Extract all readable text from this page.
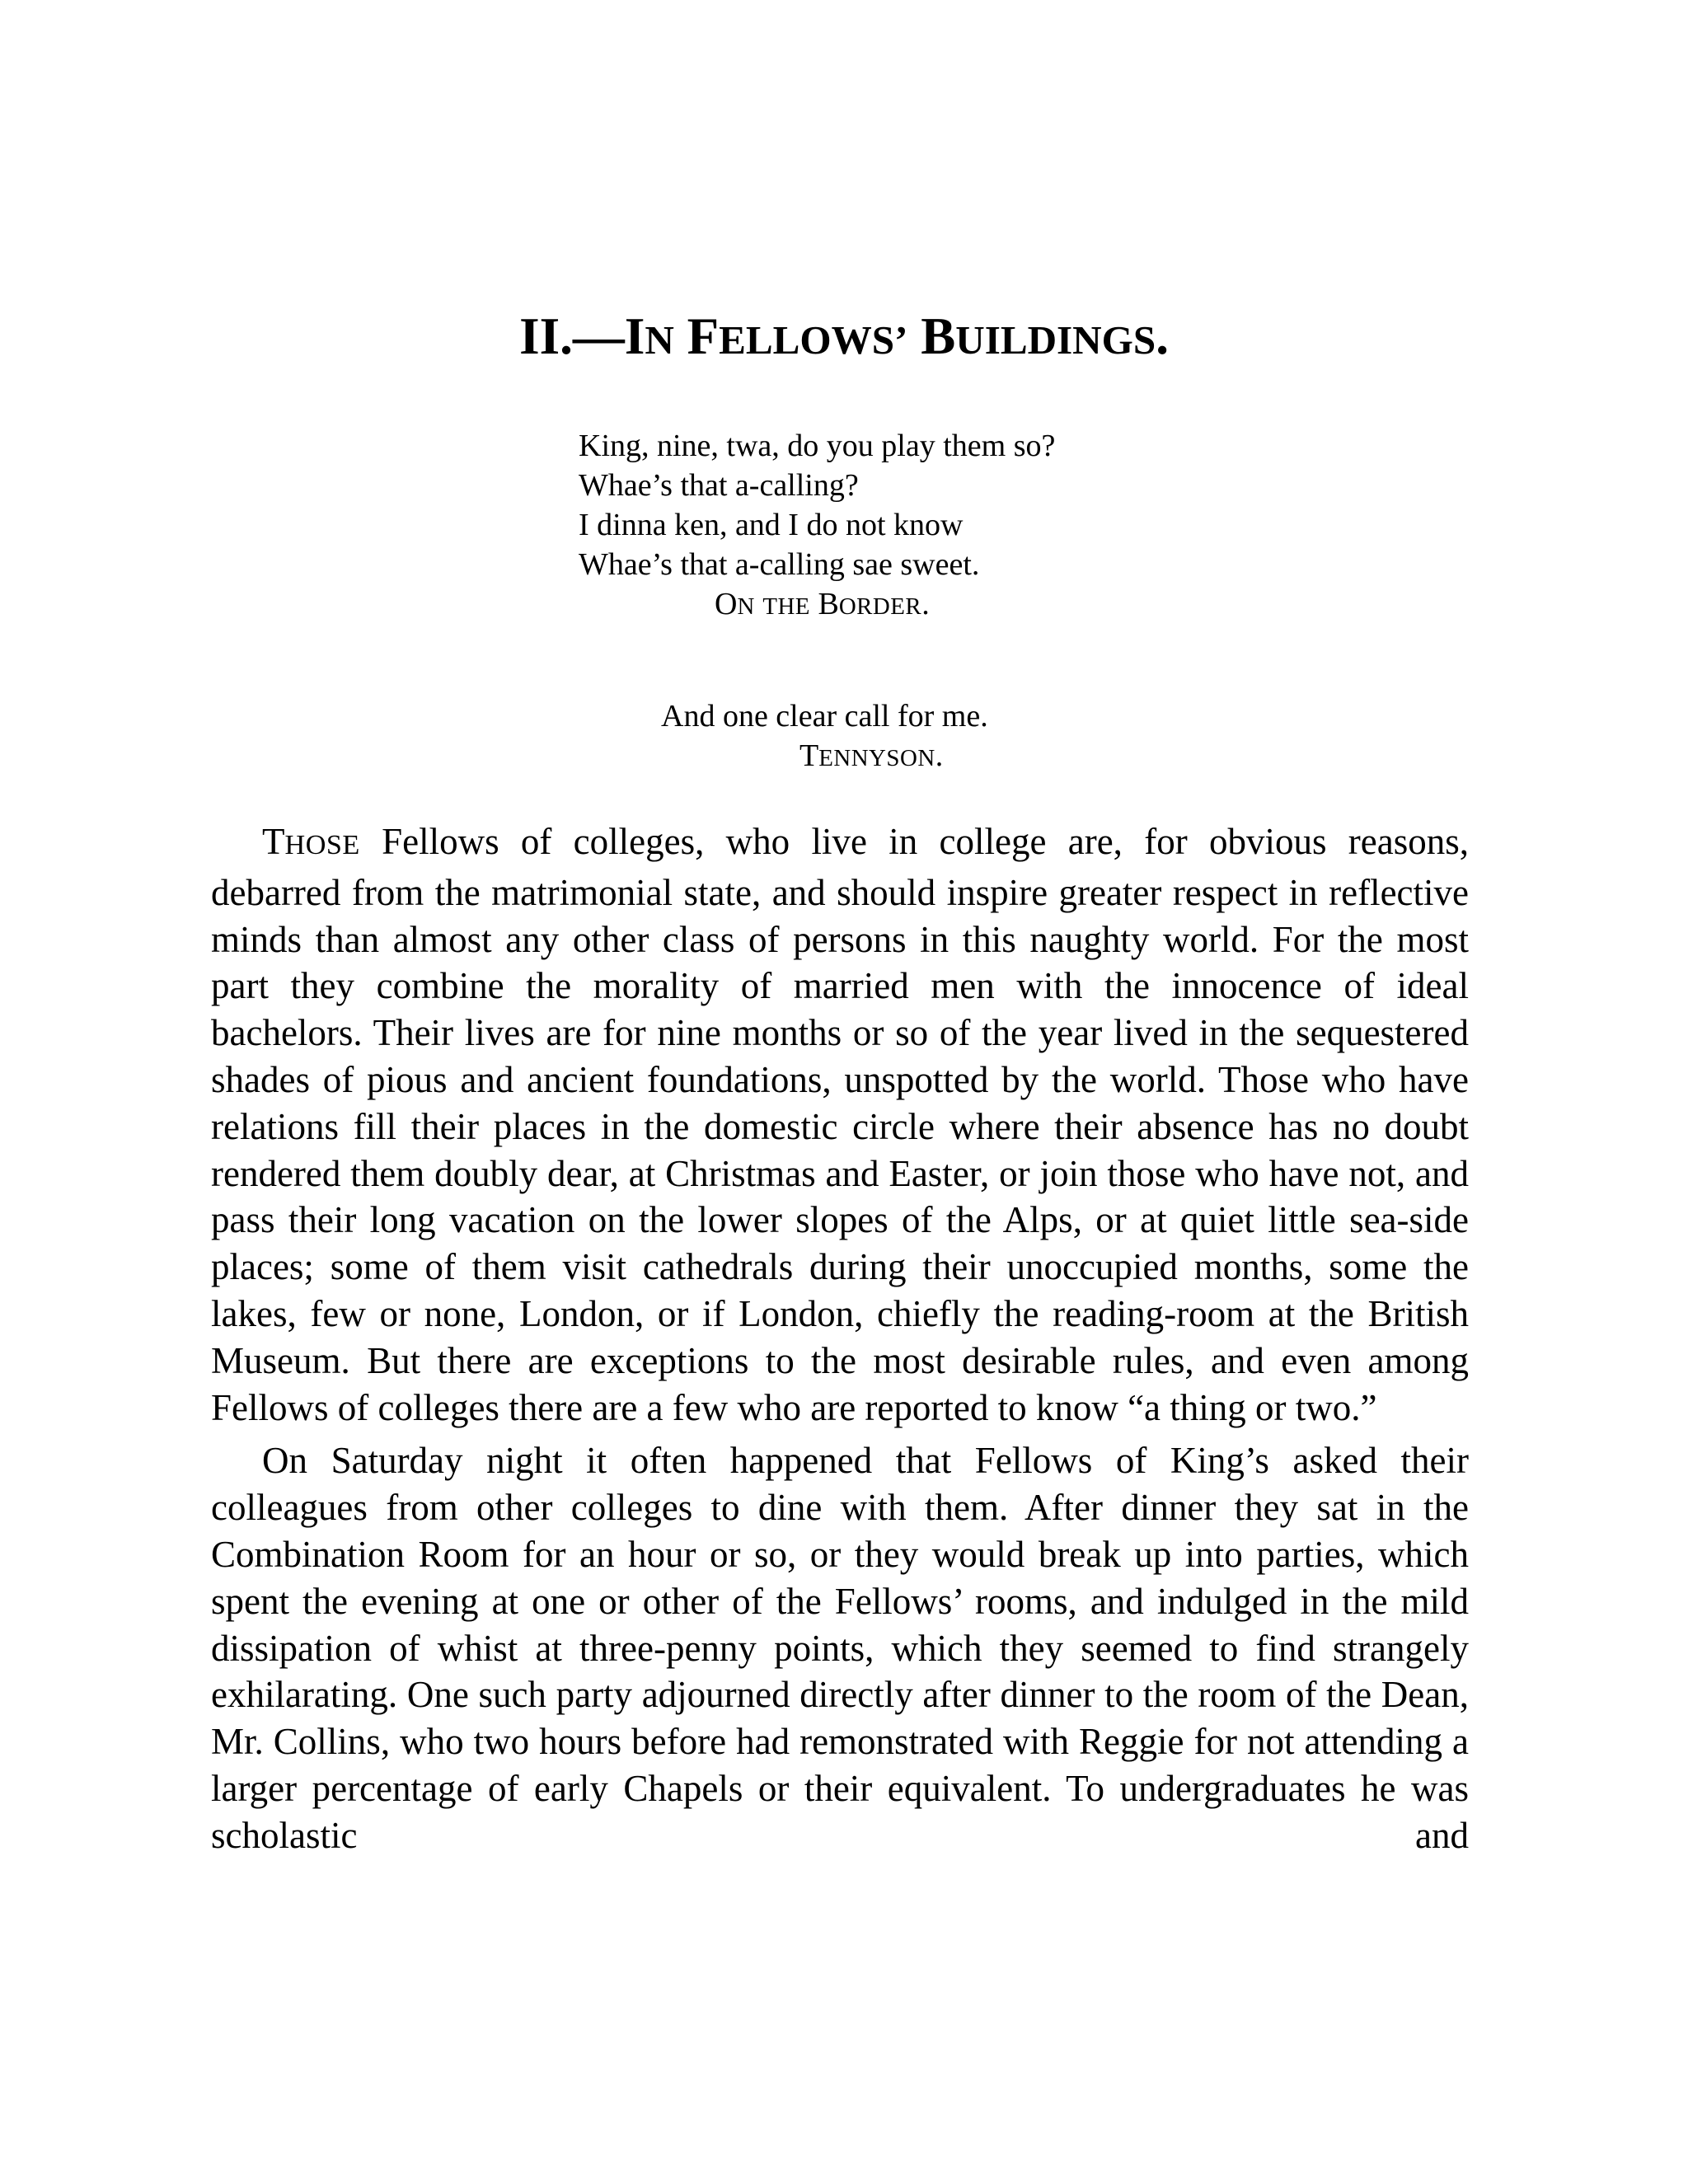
II.—IN FELLOWS’ BUILDINGS.
King, nine, twa, do you play them so?
Whae’s that a-calling?
I dinna ken, and I do not know
Whae’s that a-calling sae sweet.
ON THE BORDER.
And one clear call for me.
TENNYSON.

THOSE Fellows of colleges, who live in college are, for obvious reasons, debarred from the matrimonial state, and should inspire greater respect in reflective minds than almost any other class of persons in this naughty world. For the most part they combine the morality of married men with the innocence of ideal bachelors. Their lives are for nine months or so of the year lived in the sequestered shades of pious and ancient foundations, unspotted by the world. Those who have relations fill their places in the domestic circle where their absence has no doubt rendered them doubly dear, at Christmas and Easter, or join those who have not, and pass their long vacation on the lower slopes of the Alps, or at quiet little sea-side places; some of them visit cathedrals during their unoccupied months, some the lakes, few or none, London, or if London, chiefly the reading-room at the British Museum. But there are exceptions to the most desirable rules, and even among Fellows of colleges there are a few who are reported to know “a thing or two.”

On Saturday night it often happened that Fellows of King’s asked their colleagues from other colleges to dine with them. After dinner they sat in the Combination Room for an hour or so, or they would break up into parties, which spent the evening at one or other of the Fellows’ rooms, and indulged in the mild dissipation of whist at three-penny points, which they seemed to find strangely exhilarating. One such party adjourned directly after dinner to the room of the Dean, Mr. Collins, who two hours before had remonstrated with Reggie for not attending a larger percentage of early Chapels or their equivalent. To undergraduates he was scholastic and
